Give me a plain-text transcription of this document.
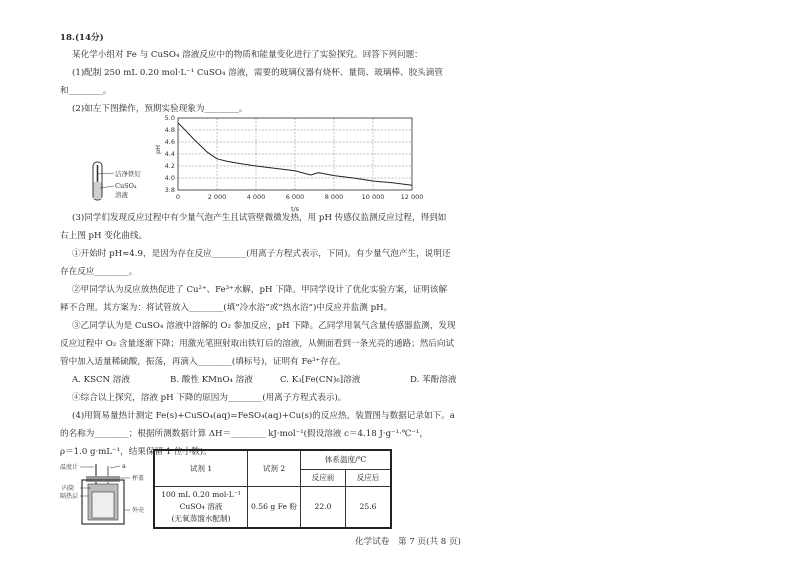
18.(14分)
某化学小组对 Fe 与 CuSO₄ 溶液反应中的物质和能量变化进行了实验探究。回答下列问题：
(1)配制 250 mL 0.20 mol·L⁻¹ CuSO₄ 溶液，需要的玻璃仪器有烧杯、量筒、玻璃棒、胶头滴管
和________。
(2)如左下图操作，预期实验现象为________。
洁净铁钉
CuSO₄
溶液
3.8
4.0
4.2
4.4
4.6
4.8
5.0
0	2 000	4 000	6 000	8 000	10 000	12 000
pH
t/s
(3)同学们发现反应过程中有少量气泡产生且试管壁微微发热，用 pH 传感仪监测反应过程，得到如
右上图 pH 变化曲线。
①开始时 pH≈4.9，是因为存在反应________(用离子方程式表示，下同)。有少量气泡产生，说明还
存在反应________。
②甲同学认为反应放热促进了 Cu²⁺、Fe³⁺水解，pH 下降。甲同学设计了优化实验方案，证明该解
释不合理。其方案为：将试管放入________(填“冷水浴”或“热水浴”)中反应并监测 pH。
③乙同学认为是 CuSO₄ 溶液中溶解的 O₂ 参加反应，pH 下降。乙同学用氧气含量传感器监测，发现
反应过程中 O₂ 含量逐渐下降；用激光笔照射取出铁钉后的溶液，从侧面看到一条光亮的通路；然后向试
管中加入适量稀硫酸，振荡，再滴入________(填标号)，证明有 Fe³⁺存在。
A. KSCN 溶液	B. 酸性 KMnO₄ 溶液	C. K₃[Fe(CN)₆]溶液	D. 苯酚溶液
④综合以上探究，溶液 pH 下降的原因为________(用离子方程式表示)。
(4)用简易量热计测定 Fe(s)+CuSO₄(aq)=FeSO₄(aq)+Cu(s)的反应热，装置图与数据记录如下。a
的名称为________；根据所测数据计算 ΔH＝________ kJ·mol⁻¹(假设溶液 c＝4.18 J·g⁻¹·℃⁻¹，
ρ＝1.0 g·mL⁻¹，结果保留 1 位小数)。
温度计
内筒
隔热层
a
杯盖
外壳
试剂 1	试剂 2	体系温度/℃	
		反应前	反应后

100 mL 0.20 mol·L⁻¹
CuSO₄ 溶液
(无氧蒸馏水配制)	0.56 g Fe 粉	22.0	25.6
化学试卷　第 7 页(共 8 页)
